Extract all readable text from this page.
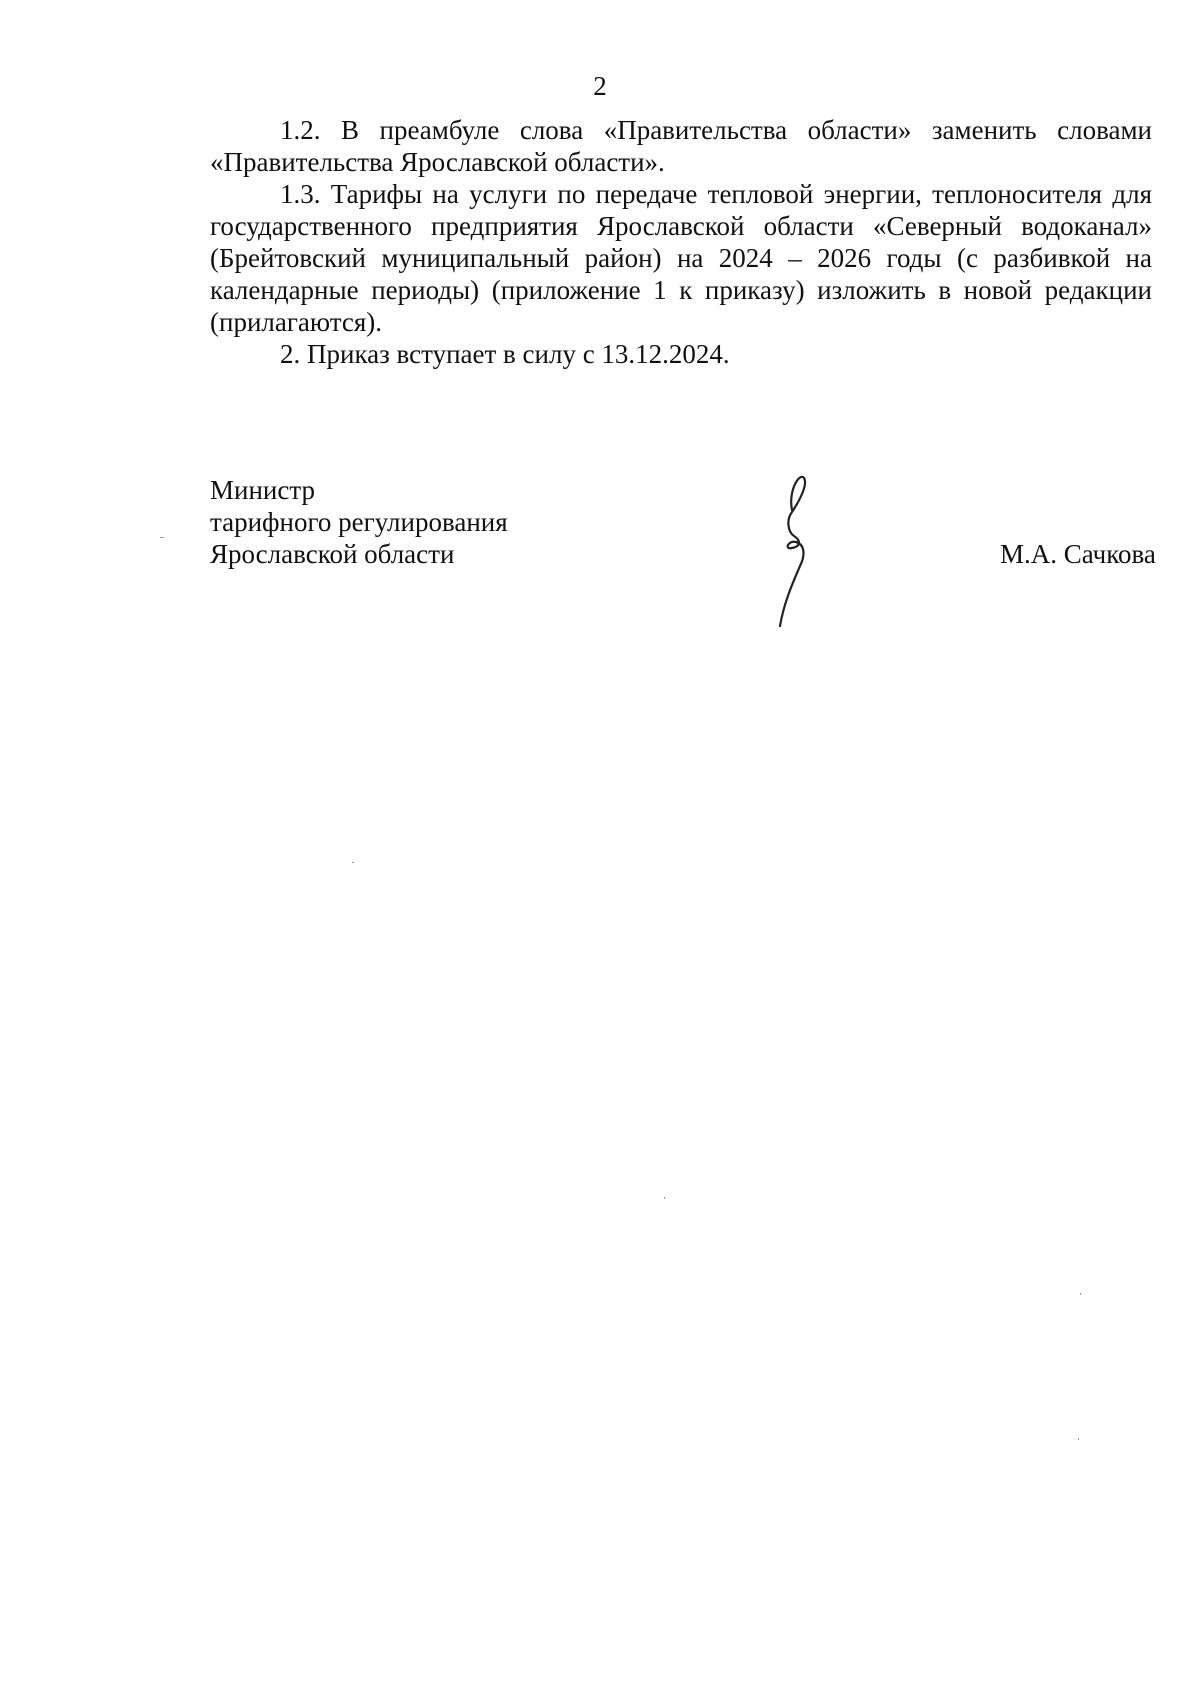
2

1.2. В преамбуле слова «Правительства области» заменить словами «Правительства Ярославской области».

1.3. Тарифы на услуги по передаче тепловой энергии, теплоносителя для государственного предприятия Ярославской области «Северный водоканал» (Брейтовский муниципальный район) на 2024 – 2026 годы (с разбивкой на календарные периоды) (приложение 1 к приказу) изложить в новой редакции (прилагаются).

2. Приказ вступает в силу с 13.12.2024.

Министр
тарифного регулирования
Ярославской области	М.А. Сачкова
